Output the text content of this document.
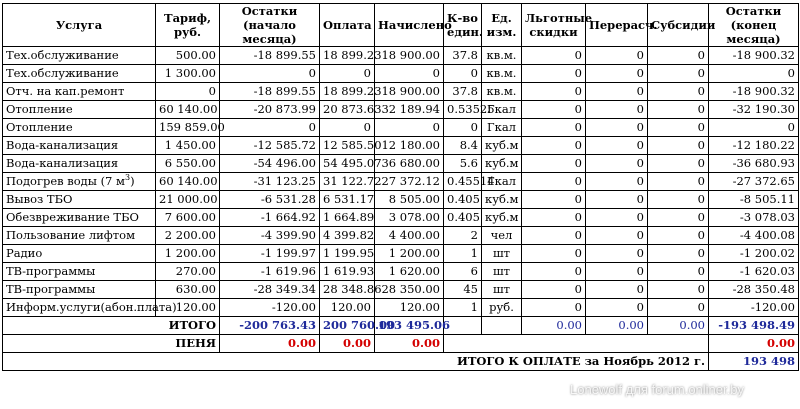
Услуга	Тариф, руб.	Остатки (начало месяца)	Оплата	Начислено	К-во един.	Ед. изм.	Льготные скидки	Перерасч.	Субсидии	Остатки (конец месяца)
Тех.обслуживание	500.00	-18 899.55	18 899.23	18 900.00	37.8	кв.м.	0	0	0	-18 900.32
Тех.обслуживание	1 300.00	0	0	0	0	кв.м.	0	0	0	0
Отч. на кап.ремонт	0	-18 899.55	18 899.23	18 900.00	37.8	кв.м.	0	0	0	-18 900.32
Отопление	60 140.00	-20 873.99	20 873.63	32 189.94	0.53525	Гкал	0	0	0	-32 190.30
Отопление	159 859.00	0	0	0	0	Гкал	0	0	0	0
Вода-канализация	1 450.00	-12 585.72	12 585.50	12 180.00	8.4	куб.м	0	0	0	-12 180.22
Вода-канализация	6 550.00	-54 496.00	54 495.07	36 680.00	5.6	куб.м	0	0	0	-36 680.93
Подогрев воды (7 $м^3$)	60 140.00	-31 123.25	31 122.72	27 372.12	0.45514	Гкал	0	0	0	-27 372.65
Вывоз ТБО	21 000.00	-6 531.28	6 531.17	8 505.00	0.405	куб.м	0	0	0	-8 505.11
Обезвреживание ТБО	7 600.00	-1 664.92	1 664.89	3 078.00	0.405	куб.м	0	0	0	-3 078.03
Пользование лифтом	2 200.00	-4 399.90	4 399.82	4 400.00	2	чел	0	0	0	-4 400.08
Радио	1 200.00	-1 199.97	1 199.95	1 200.00	1	шт	0	0	0	-1 200.02
ТВ-программы	270.00	-1 619.96	1 619.93	1 620.00	6	шт	0	0	0	-1 620.03
ТВ-программы	630.00	-28 349.34	28 348.86	28 350.00	45	шт	0	0	0	-28 350.48
Информ.услуги(абон.плата)	120.00	-120.00	120.00	120.00	1	руб.	0	0	0	-120.00
ИТОГО		-200 763.43	200 760.00	193 495.06			0.00	0.00	0.00	-193 498.49
ПЕНЯ		0.00	0.00	0.00						0.00
ИТОГО К ОПЛАТЕ за Ноябрь 2012 г.										193 498
Lonewolf для forum.onliner.by
